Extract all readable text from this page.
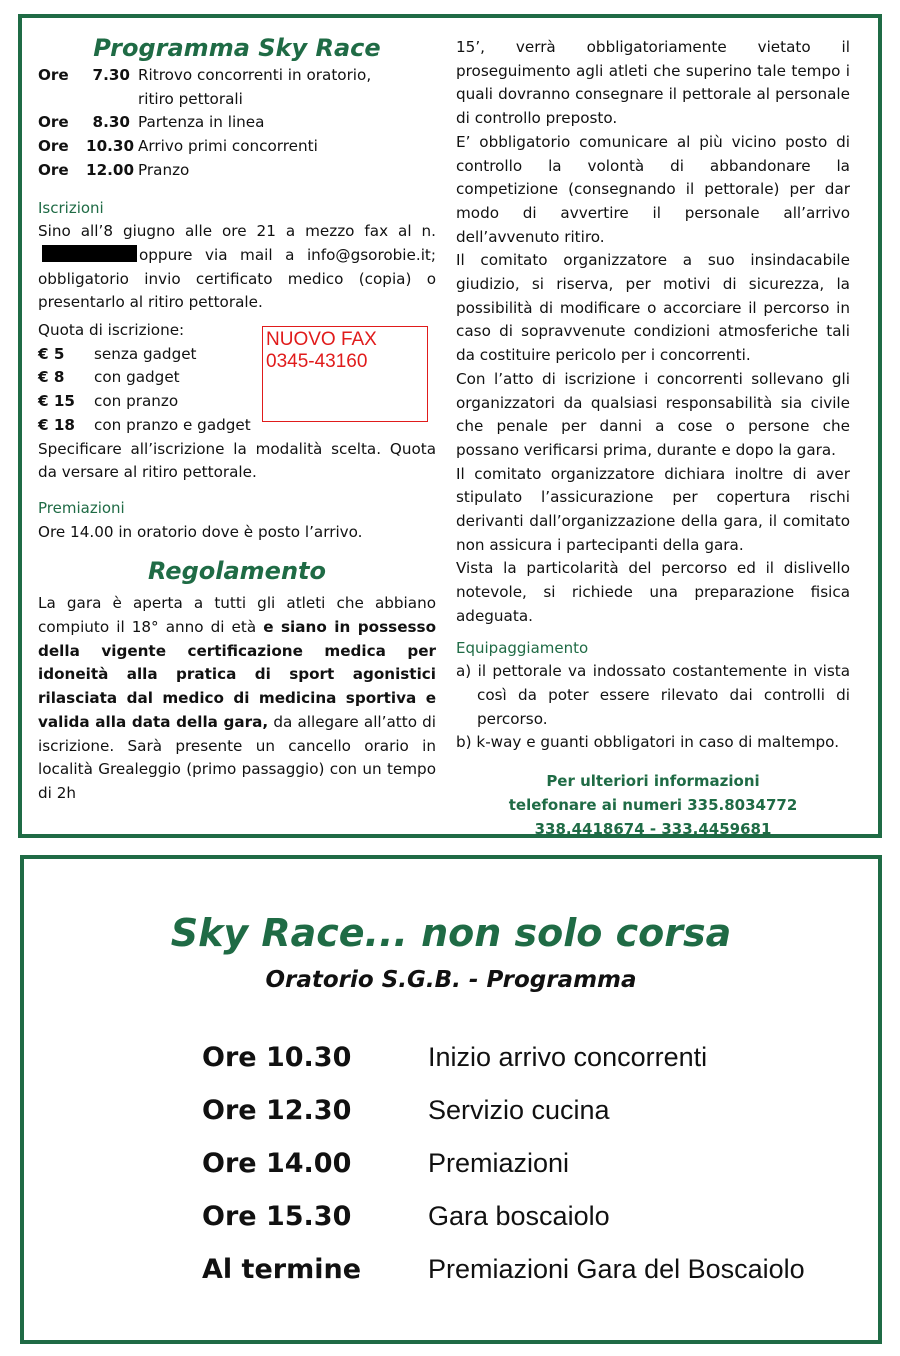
Programma Sky Race
Ore 7.30 Ritrovo concorrenti in oratorio,
ritiro pettorali
Ore 8.30 Partenza in linea
Ore 10.30 Arrivo primi concorrenti
Ore 12.00 Pranzo
Iscrizioni

Sino all’8 giugno alle ore 21 a mezzo fax al n.oppure via mail a info@gsorobie.it; obbligatorio invio certificato medico (copia) o presentarlo al ritiro pettorale.

Quota di iscrizione:
€ 5	senza gadget
€ 8	con gadget
€ 15	con pranzo
€ 18	con pranzo e gadget

Specificare all’iscrizione la modalità scelta. Quota da versare al ritiro pettorale.

Premiazioni

Ore 14.00 in oratorio dove è posto l’arrivo.

Regolamento

La gara è aperta a tutti gli atleti che abbiano compiuto il 18° anno di età e siano in possesso della vigente certificazione medica per idoneità alla pratica di sport agonistici rilasciata dal medico di medicina sportiva e valida alla data della gara, da allegare all’atto di iscrizione. Sarà presente un cancello orario in località Grealeggio (primo passaggio) con un tempo di 2h

NUOVO FAX
0345-43160

15’, verrà obbligatoriamente vietato il proseguimento agli atleti che superino tale tempo i quali dovranno consegnare il pettorale al personale di controllo preposto.

E’ obbligatorio comunicare al più vicino posto di controllo la volontà di abbandonare la competizione (consegnando il pettorale) per dar modo di avvertire il personale all’arrivo dell’avvenuto ritiro.

Il comitato organizzatore a suo insindacabile giudizio, si riserva, per motivi di sicurezza, la possibilità di modificare o accorciare il percorso in caso di sopravvenute condizioni atmosferiche tali da costituire pericolo per i concorrenti.

Con l’atto di iscrizione i concorrenti sollevano gli organizzatori da qualsiasi responsabilità sia civile che penale per danni a cose o persone che possano verificarsi prima, durante e dopo la gara.

Il comitato organizzatore dichiara inoltre di aver stipulato l’assicurazione per copertura rischi derivanti dall’organizzazione della gara, il comitato non assicura i partecipanti della gara.

Vista la particolarità del percorso ed il dislivello notevole, si richiede una preparazione fisica adeguata.

Equipaggiamento

a) il pettorale va indossato costantemente in vista così da poter essere rilevato dai controlli di percorso.

b) k-way e guanti obbligatori in caso di maltempo.

Per ulteriori informazioni
telefonare ai numeri 335.8034772
338.4418674 - 333.4459681
Sky Race... non solo corsa
Oratorio S.G.B. - Programma
Ore 10.30	Inizio arrivo concorrenti
Ore 12.30	Servizio cucina
Ore 14.00	Premiazioni
Ore 15.30	Gara boscaiolo
Al termine	Premiazioni Gara del Boscaiolo
